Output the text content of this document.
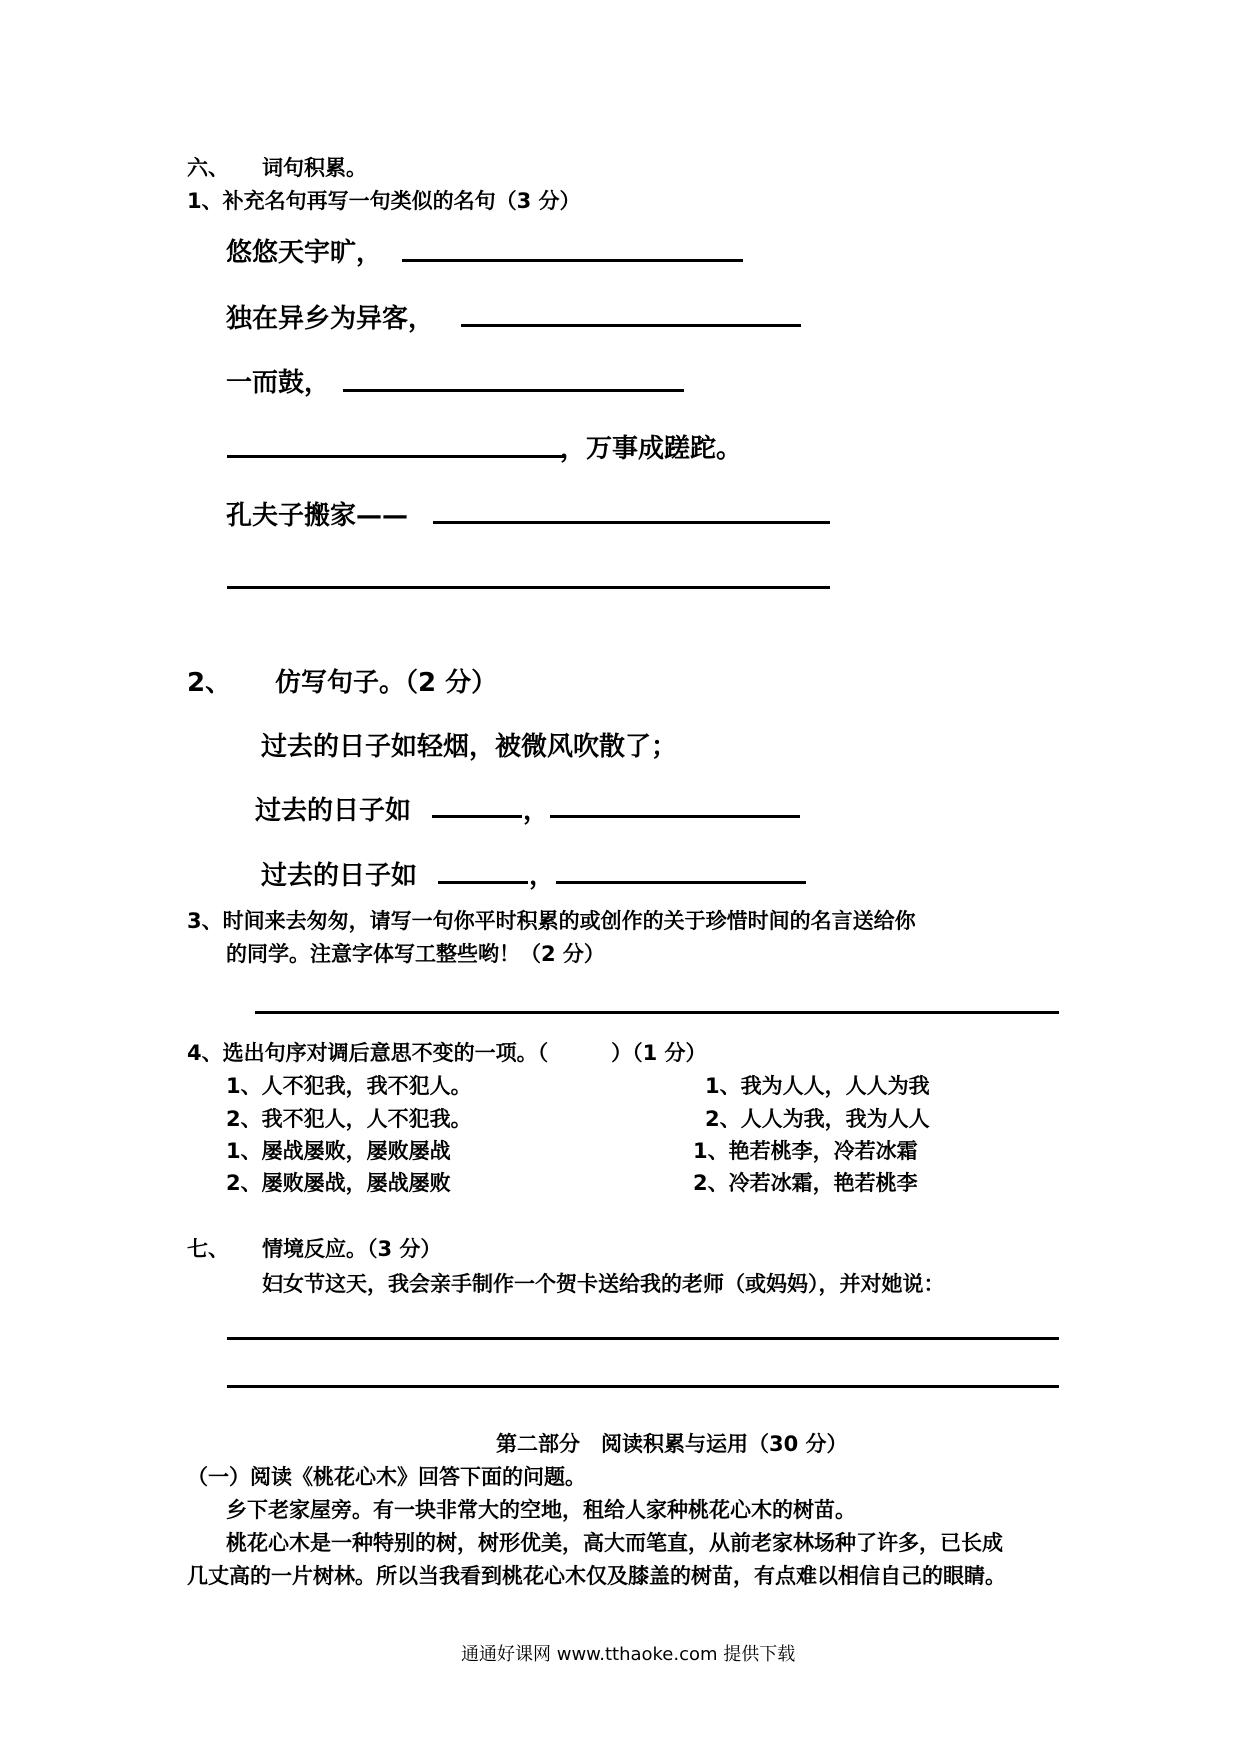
六、 词句积累。
1、补充名句再写一句类似的名句（3 分）
悠悠天宇旷，
独在异乡为异客，
一而鼓，
，万事成蹉跎。
孔夫子搬家——
2、 仿写句子。（2 分）
过去的日子如轻烟，被微风吹散了；
过去的日子如	，
过去的日子如	，
3、时间来去匆匆，请写一句你平时积累的或创作的关于珍惜时间的名言送给你
的同学。注意字体写工整些哟！（2 分）
4、选出句序对调后意思不变的一项。（　　　）（1 分）
1、人不犯我，我不犯人。
2、我不犯人，人不犯我。
1、屡战屡败，屡败屡战
2、屡败屡战，屡战屡败
1、我为人人，人人为我
2、人人为我，我为人人
1、艳若桃李，冷若冰霜
2、冷若冰霜，艳若桃李
七、 情境反应。（3 分）
妇女节这天，我会亲手制作一个贺卡送给我的老师（或妈妈），并对她说：
第二部分　阅读积累与运用（30 分）
（一）阅读《桃花心木》回答下面的问题。
乡下老家屋旁。有一块非常大的空地，租给人家种桃花心木的树苗。
桃花心木是一种特别的树，树形优美，高大而笔直，从前老家林场种了许多，已长成
几丈高的一片树林。所以当我看到桃花心木仅及膝盖的树苗，有点难以相信自己的眼睛。
通通好课网 www.tthaoke.com 提供下载
